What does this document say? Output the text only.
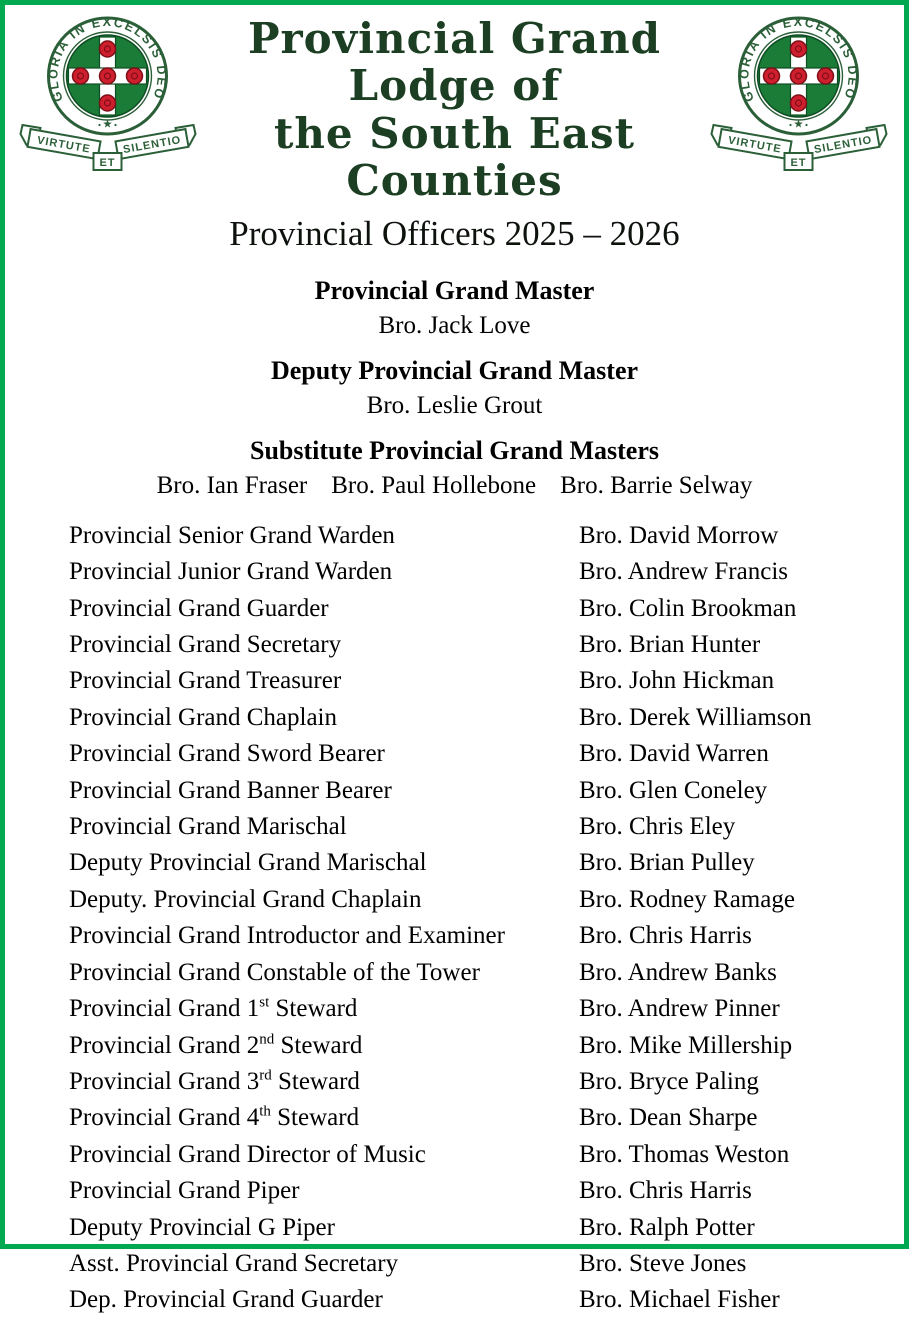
Provincial Grand Lodge of
the South East Counties
Provincial Officers 2025 – 2026
Provincial Grand Master
Bro. Jack Love
Deputy Provincial Grand Master
Bro. Leslie Grout
Substitute Provincial Grand Masters
Bro. Ian Fraser Bro. Paul Hollebone Bro. Barrie Selway
Provincial Senior Grand Warden	Bro. David Morrow
Provincial Junior Grand Warden	Bro. Andrew Francis
Provincial Grand Guarder	Bro. Colin Brookman
Provincial Grand Secretary	Bro. Brian Hunter
Provincial Grand Treasurer	Bro. John Hickman
Provincial Grand Chaplain	Bro. Derek Williamson
Provincial Grand Sword Bearer	Bro. David Warren
Provincial Grand Banner Bearer	Bro. Glen Coneley
Provincial Grand Marischal	Bro. Chris Eley
Deputy Provincial Grand Marischal	Bro. Brian Pulley
Deputy. Provincial Grand Chaplain	Bro. Rodney Ramage
Provincial Grand Introductor and Examiner	Bro. Chris Harris
Provincial Grand Constable of the Tower	Bro. Andrew Banks
Provincial Grand 1st Steward	Bro. Andrew Pinner
Provincial Grand 2nd Steward	Bro. Mike Millership
Provincial Grand 3rd Steward	Bro. Bryce Paling
Provincial Grand 4th Steward	Bro. Dean Sharpe
Provincial Grand Director of Music	Bro. Thomas Weston
Provincial Grand Piper	Bro. Chris Harris
Deputy Provincial G Piper	Bro. Ralph Potter
Asst. Provincial Grand Secretary	Bro. Steve Jones
Dep. Provincial Grand Guarder	Bro. Michael Fisher
